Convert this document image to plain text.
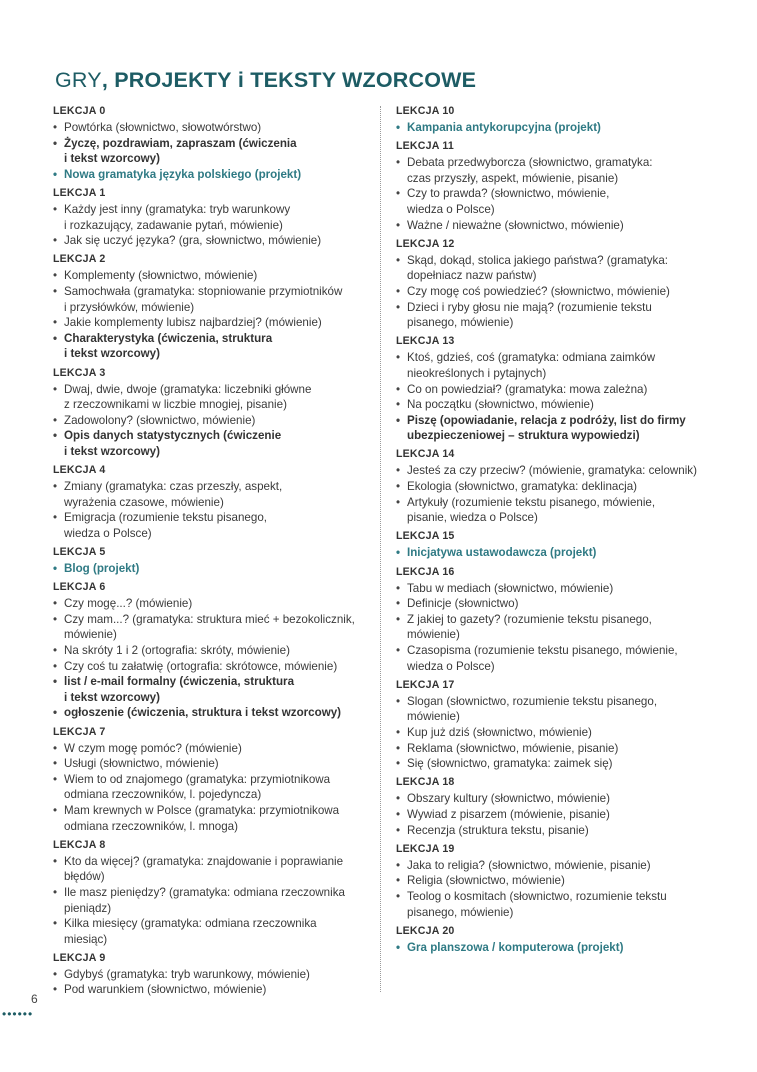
GRY, PROJEKTY i TEKSTY WZORCOWE
LEKCJA 0
• Powtórka (słownictwo, słowotwórstwo)
• Życzę, pozdrawiam, zapraszam (ćwiczenia
i tekst wzorcowy)
• Nowa gramatyka języka polskiego (projekt)
LEKCJA 1
• Każdy jest inny (gramatyka: tryb warunkowy
i rozkazujący, zadawanie pytań, mówienie)
• Jak się uczyć języka? (gra, słownictwo, mówienie)
LEKCJA 2
• Komplementy (słownictwo, mówienie)
• Samochwała (gramatyka: stopniowanie przymiotników
i przysłówków, mówienie)
• Jakie komplementy lubisz najbardziej? (mówienie)
• Charakterystyka (ćwiczenia, struktura
i tekst wzorcowy)
LEKCJA 3
• Dwaj, dwie, dwoje (gramatyka: liczebniki główne
z rzeczownikami w liczbie mnogiej, pisanie)
• Zadowolony? (słownictwo, mówienie)
• Opis danych statystycznych (ćwiczenie
i tekst wzorcowy)
LEKCJA 4
• Zmiany (gramatyka: czas przeszły, aspekt,
wyrażenia czasowe, mówienie)
• Emigracja (rozumienie tekstu pisanego,
wiedza o Polsce)
LEKCJA 5
• Blog (projekt)
LEKCJA 6
• Czy mogę...? (mówienie)
• Czy mam...? (gramatyka: struktura mieć + bezokolicznik,
mówienie)
• Na skróty 1 i 2 (ortografia: skróty, mówienie)
• Czy coś tu załatwię (ortografia: skrótowce, mówienie)
• list / e-mail formalny (ćwiczenia, struktura
i tekst wzorcowy)
• ogłoszenie (ćwiczenia, struktura i tekst wzorcowy)
LEKCJA 7
• W czym mogę pomóc? (mówienie)
• Usługi (słownictwo, mówienie)
• Wiem to od znajomego (gramatyka: przymiotnikowa
odmiana rzeczowników, l. pojedyncza)
• Mam krewnych w Polsce (gramatyka: przymiotnikowa
odmiana rzeczowników, l. mnoga)
LEKCJA 8
• Kto da więcej? (gramatyka: znajdowanie i poprawianie
błędów)
• Ile masz pieniędzy? (gramatyka: odmiana rzeczownika
pieniądz)
• Kilka miesięcy (gramatyka: odmiana rzeczownika
miesiąc)
LEKCJA 9
• Gdybyś (gramatyka: tryb warunkowy, mówienie)
• Pod warunkiem (słownictwo, mówienie)
LEKCJA 10
• Kampania antykorupcyjna (projekt)
LEKCJA 11
• Debata przedwyborcza (słownictwo, gramatyka:
czas przyszły, aspekt, mówienie, pisanie)
• Czy to prawda? (słownictwo, mówienie,
wiedza o Polsce)
• Ważne / nieważne (słownictwo, mówienie)
LEKCJA 12
• Skąd, dokąd, stolica jakiego państwa? (gramatyka:
dopełniacz nazw państw)
• Czy mogę coś powiedzieć? (słownictwo, mówienie)
• Dzieci i ryby głosu nie mają? (rozumienie tekstu
pisanego, mówienie)
LEKCJA 13
• Ktoś, gdzieś, coś (gramatyka: odmiana zaimków
nieokreślonych i pytajnych)
• Co on powiedział? (gramatyka: mowa zależna)
• Na początku (słownictwo, mówienie)
• Piszę (opowiadanie, relacja z podróży, list do firmy
ubezpieczeniowej – struktura wypowiedzi)
LEKCJA 14
• Jesteś za czy przeciw? (mówienie, gramatyka: celownik)
• Ekologia (słownictwo, gramatyka: deklinacja)
• Artykuły (rozumienie tekstu pisanego, mówienie,
pisanie, wiedza o Polsce)
LEKCJA 15
• Inicjatywa ustawodawcza (projekt)
LEKCJA 16
• Tabu w mediach (słownictwo, mówienie)
• Definicje (słownictwo)
• Z jakiej to gazety? (rozumienie tekstu pisanego,
mówienie)
• Czasopisma (rozumienie tekstu pisanego, mówienie,
wiedza o Polsce)
LEKCJA 17
• Slogan (słownictwo, rozumienie tekstu pisanego,
mówienie)
• Kup już dziś (słownictwo, mówienie)
• Reklama (słownictwo, mówienie, pisanie)
• Się (słownictwo, gramatyka: zaimek się)
LEKCJA 18
• Obszary kultury (słownictwo, mówienie)
• Wywiad z pisarzem (mówienie, pisanie)
• Recenzja (struktura tekstu, pisanie)
LEKCJA 19
• Jaka to religia? (słownictwo, mówienie, pisanie)
• Religia (słownictwo, mówienie)
• Teolog o kosmitach (słownictwo, rozumienie tekstu
pisanego, mówienie)
LEKCJA 20
• Gra planszowa / komputerowa (projekt)
6
••••••
